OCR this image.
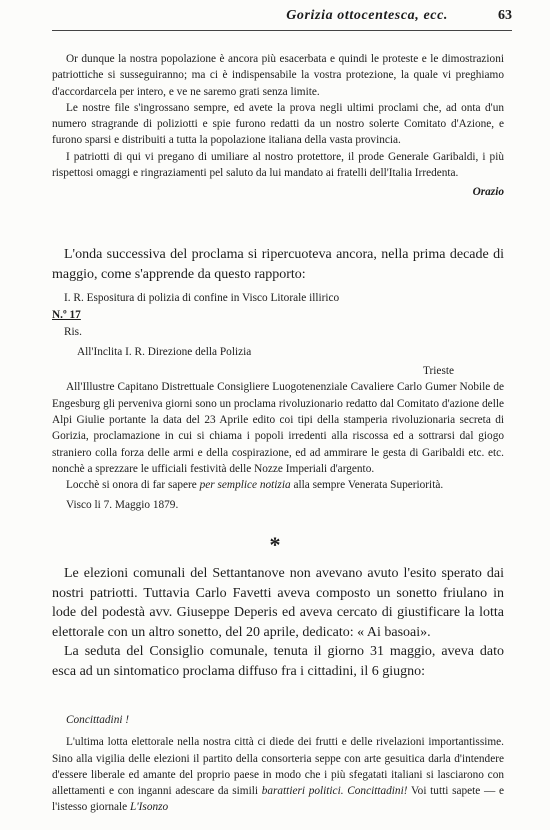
Gorizia ottocentesca, ecc.	63

Or dunque la nostra popolazione è ancora più esacerbata e quindi le proteste e le dimostrazioni patriottiche si susseguiranno; ma ci è indispensabile la vostra protezione, la quale vi preghiamo d'accordarcela per intero, e ve ne saremo grati senza limite.

Le nostre file s'ingrossano sempre, ed avete la prova negli ultimi proclami che, ad onta d'un numero stragrande di poliziotti e spie furono redatti da un nostro solerte Comitato d'Azione, e furono sparsi e distribuiti a tutta la popolazione italiana della vasta provincia.

I patriotti di qui vi pregano di umiliare al nostro protettore, il prode Generale Garibaldi, i più rispettosi omaggi e ringraziamenti pel saluto da lui mandato ai fratelli dell'Italia Irredenta.

Orazio

L'onda successiva del proclama si ripercuoteva ancora, nella prima decade di maggio, come s'apprende da questo rapporto:

I. R. Espositura di polizia di confine in Visco Litorale illirico

N.º 17

Ris.

All'Inclita I. R. Direzione della Polizia

Trieste

All'Illustre Capitano Distrettuale Consigliere Luogotenenziale Cavaliere Carlo Gumer Nobile de Engesburg gli perveniva giorni sono un proclama rivoluzionario redatto dal Comitato d'azione delle Alpi Giulie portante la data del 23 Aprile edito coi tipi della stamperia rivoluzionaria secreta di Gorizia, proclamazione in cui si chiama i popoli irredenti alla riscossa ed a sottrarsi dal giogo straniero colla forza delle armi e della cospirazione, ed ad ammirare le gesta di Garibaldi etc. etc. nonchè a sprezzare le ufficiali festività delle Nozze Imperiali d'argento.

Locchè si onora di far sapere per semplice notizia alla sempre Venerata Superiorità.

Visco li 7. Maggio 1879.

*

Le elezioni comunali del Settantanove non avevano avuto l'esito sperato dai nostri patriotti. Tuttavia Carlo Favetti aveva composto un sonetto friulano in lode del podestà avv. Giuseppe Deperis ed aveva cercato di giustificare la lotta elettorale con un altro sonetto, del 20 aprile, dedicato: « Ai basoai».

La seduta del Consiglio comunale, tenuta il giorno 31 maggio, aveva dato esca ad un sintomatico proclama diffuso fra i cittadini, il 6 giugno:

Concittadini !

L'ultima lotta elettorale nella nostra città ci diede dei frutti e delle rivelazioni importantissime. Sino alla vigilia delle elezioni il partito della consorteria seppe con arte gesuitica darla d'intendere d'essere liberale ed amante del proprio paese in modo che i più sfegatati italiani si lasciarono con allettamenti e con inganni adescare da simili barattieri politici. Concittadini! Voi tutti sapete — e l'istesso giornale L'Isonzo
